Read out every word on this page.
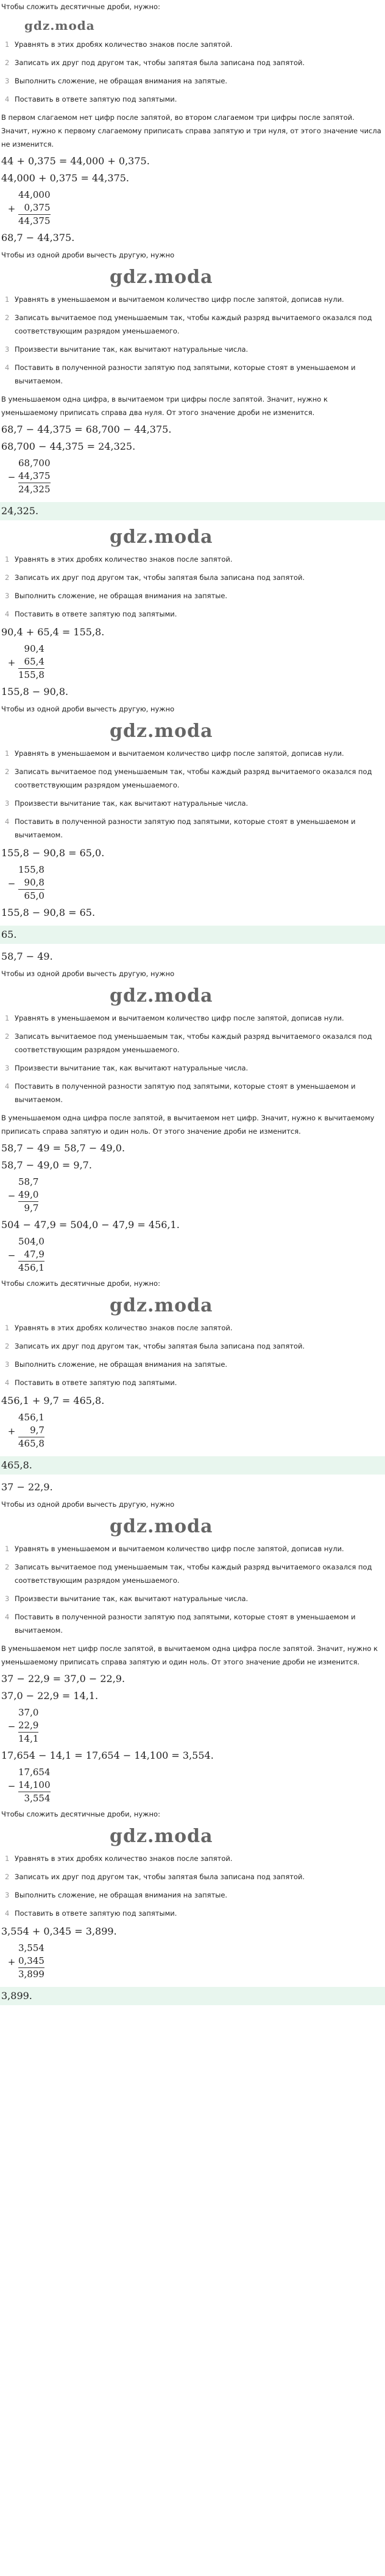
Чтобы сложить десятичные дроби, нужно:
gdz.moda
1 Уравнять в этих дробях количество знаков после запятой.
2 Записать их друг под другом так, чтобы запятая была записана под запятой.
3 Выполнить сложение, не обращая внимания на запятые.
4 Поставить в ответе запятую под запятыми.
В первом слагаемом нет цифр после запятой, во втором слагаемом три цифры после запятой. Значит, нужно к первому слагаемому приписать справа запятую и три нуля, от этого значение числа не изменится.
44 + 0,375 = 44,000 + 0,375.
44,000 + 0,375 = 44,375.
+
44,000
0,375
44,375
68,7 − 44,375.
Чтобы из одной дроби вычесть другую, нужно
gdz.moda
1 Уравнять в уменьшаемом и вычитаемом количество цифр после запятой, дописав нули.
2 Записать вычитаемое под уменьшаемым так, чтобы каждый разряд вычитаемого оказался под соответствующим разрядом уменьшаемого.
3 Произвести вычитание так, как вычитают натуральные числа.
4 Поставить в полученной разности запятую под запятыми, которые стоят в уменьшаемом и вычитаемом.
В уменьшаемом одна цифра, в вычитаемом три цифры после запятой. Значит, нужно к уменьшаемому приписать справа два нуля. От этого значение дроби не изменится.
68,7 − 44,375 = 68,700 − 44,375.
68,700 − 44,375 = 24,325.
−
68,700
44,375
24,325
24,325.
gdz.moda
1 Уравнять в этих дробях количество знаков после запятой.
2 Записать их друг под другом так, чтобы запятая была записана под запятой.
3 Выполнить сложение, не обращая внимания на запятые.
4 Поставить в ответе запятую под запятыми.
90,4 + 65,4 = 155,8.
+
90,4
65,4
155,8
155,8 − 90,8.
Чтобы из одной дроби вычесть другую, нужно
gdz.moda
1 Уравнять в уменьшаемом и вычитаемом количество цифр после запятой, дописав нули.
2 Записать вычитаемое под уменьшаемым так, чтобы каждый разряд вычитаемого оказался под соответствующим разрядом уменьшаемого.
3 Произвести вычитание так, как вычитают натуральные числа.
4 Поставить в полученной разности запятую под запятыми, которые стоят в уменьшаемом и вычитаемом.
155,8 − 90,8 = 65,0.
−
155,8
90,8
65,0
155,8 − 90,8 = 65.
65.
58,7 − 49.
Чтобы из одной дроби вычесть другую, нужно
gdz.moda
1 Уравнять в уменьшаемом и вычитаемом количество цифр после запятой, дописав нули.
2 Записать вычитаемое под уменьшаемым так, чтобы каждый разряд вычитаемого оказался под соответствующим разрядом уменьшаемого.
3 Произвести вычитание так, как вычитают натуральные числа.
4 Поставить в полученной разности запятую под запятыми, которые стоят в уменьшаемом и вычитаемом.
В уменьшаемом одна цифра после запятой, в вычитаемом нет цифр. Значит, нужно к вычитаемому приписать справа запятую и один ноль. От этого значение дроби не изменится.
58,7 − 49 = 58,7 − 49,0.
58,7 − 49,0 = 9,7.
−
58,7
49,0
9,7
504 − 47,9 = 504,0 − 47,9 = 456,1.
−
504,0
47,9
456,1
Чтобы сложить десятичные дроби, нужно:
gdz.moda
1 Уравнять в этих дробях количество знаков после запятой.
2 Записать их друг под другом так, чтобы запятая была записана под запятой.
3 Выполнить сложение, не обращая внимания на запятые.
4 Поставить в ответе запятую под запятыми.
456,1 + 9,7 = 465,8.
+
456,1
9,7
465,8
465,8.
37 − 22,9.
Чтобы из одной дроби вычесть другую, нужно
gdz.moda
1 Уравнять в уменьшаемом и вычитаемом количество цифр после запятой, дописав нули.
2 Записать вычитаемое под уменьшаемым так, чтобы каждый разряд вычитаемого оказался под соответствующим разрядом уменьшаемого.
3 Произвести вычитание так, как вычитают натуральные числа.
4 Поставить в полученной разности запятую под запятыми, которые стоят в уменьшаемом и вычитаемом.
В уменьшаемом нет цифр после запятой, в вычитаемом одна цифра после запятой. Значит, нужно к уменьшаемому приписать справа запятую и один ноль. От этого значение дроби не изменится.
37 − 22,9 = 37,0 − 22,9.
37,0 − 22,9 = 14,1.
−
37,0
22,9
14,1
17,654 − 14,1 = 17,654 − 14,100 = 3,554.
−
17,654
14,100
3,554
Чтобы сложить десятичные дроби, нужно:
gdz.moda
1 Уравнять в этих дробях количество знаков после запятой.
2 Записать их друг под другом так, чтобы запятая была записана под запятой.
3 Выполнить сложение, не обращая внимания на запятые.
4 Поставить в ответе запятую под запятыми.
3,554 + 0,345 = 3,899.
+
3,554
0,345
3,899
3,899.
